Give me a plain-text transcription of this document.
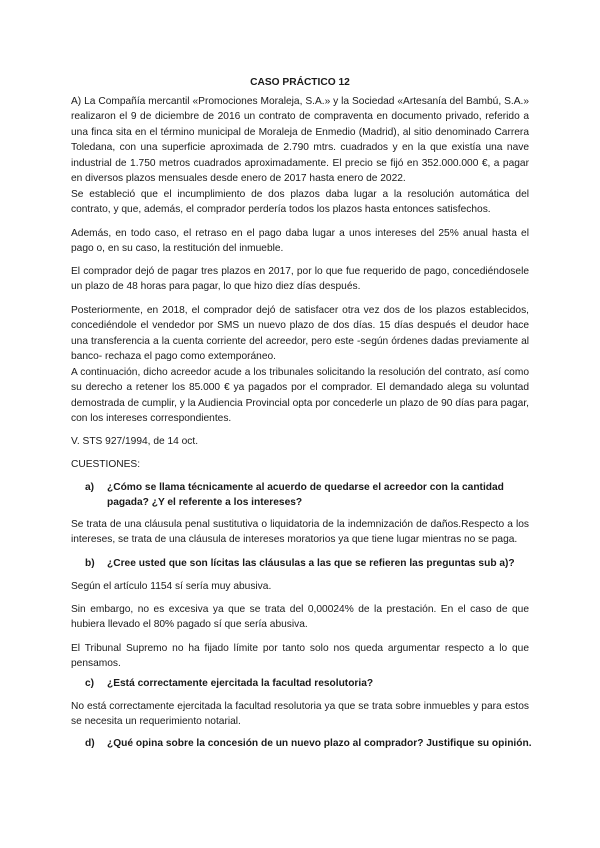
CASO PRÁCTICO 12

A) La Compañía mercantil «Promociones Moraleja, S.A.» y la Sociedad «Artesanía del Bambú, S.A.» realizaron el 9 de diciembre de 2016 un contrato de compraventa en documento privado, referido a una finca sita en el término municipal de Moraleja de Enmedio (Madrid), al sitio denominado Carrera Toledana, con una superficie aproximada de 2.790 mtrs. cuadrados y en la que existía una nave industrial de 1.750 metros cuadrados aproximadamente. El precio se fijó en 352.000.000 €, a pagar en diversos plazos mensuales desde enero de 2017 hasta enero de 2022.

Se estableció que el incumplimiento de dos plazos daba lugar a la resolución automática del contrato, y que, además, el comprador perdería todos los plazos hasta entonces satisfechos.

Además, en todo caso, el retraso en el pago daba lugar a unos intereses del 25% anual hasta el pago o, en su caso, la restitución del inmueble.

El comprador dejó de pagar tres plazos en 2017, por lo que fue requerido de pago, concediéndosele un plazo de 48 horas para pagar, lo que hizo diez días después.

Posteriormente, en 2018, el comprador dejó de satisfacer otra vez dos de los plazos establecidos, concediéndole el vendedor por SMS un nuevo plazo de dos días. 15 días después el deudor hace una transferencia a la cuenta corriente del acreedor, pero este -según órdenes dadas previamente al banco- rechaza el pago como extemporáneo.

A continuación, dicho acreedor acude a los tribunales solicitando la resolución del contrato, así como su derecho a retener los 85.000 € ya pagados por el comprador. El demandado alega su voluntad demostrada de cumplir, y la Audiencia Provincial opta por concederle un plazo de 90 días para pagar, con los intereses correspondientes.

V. STS 927/1994, de 14 oct.

CUESTIONES:

a)	¿Cómo se llama técnicamente al acuerdo de quedarse el acreedor con la cantidad pagada? ¿Y el referente a los intereses?

Se trata de una cláusula penal sustitutiva o liquidatoria de la indemnización de daños.Respecto a los intereses, se trata de una cláusula de intereses moratorios ya que tiene lugar mientras no se paga.

b)	¿Cree usted que son lícitas las cláusulas a las que se refieren las preguntas sub a)?

Según el artículo 1154 sí sería muy abusiva.

Sin embargo, no es excesiva ya que se trata del 0,00024% de la prestación. En el caso de que hubiera llevado el 80% pagado sí que sería abusiva.

El Tribunal Supremo no ha fijado límite por tanto solo nos queda argumentar respecto a lo que pensamos.

c)	¿Está correctamente ejercitada la facultad resolutoria?

No está correctamente ejercitada la facultad resolutoria ya que se trata sobre inmuebles y para estos se necesita un requerimiento notarial.

d)	¿Qué opina sobre la concesión de un nuevo plazo al comprador? Justifique su opinión.
